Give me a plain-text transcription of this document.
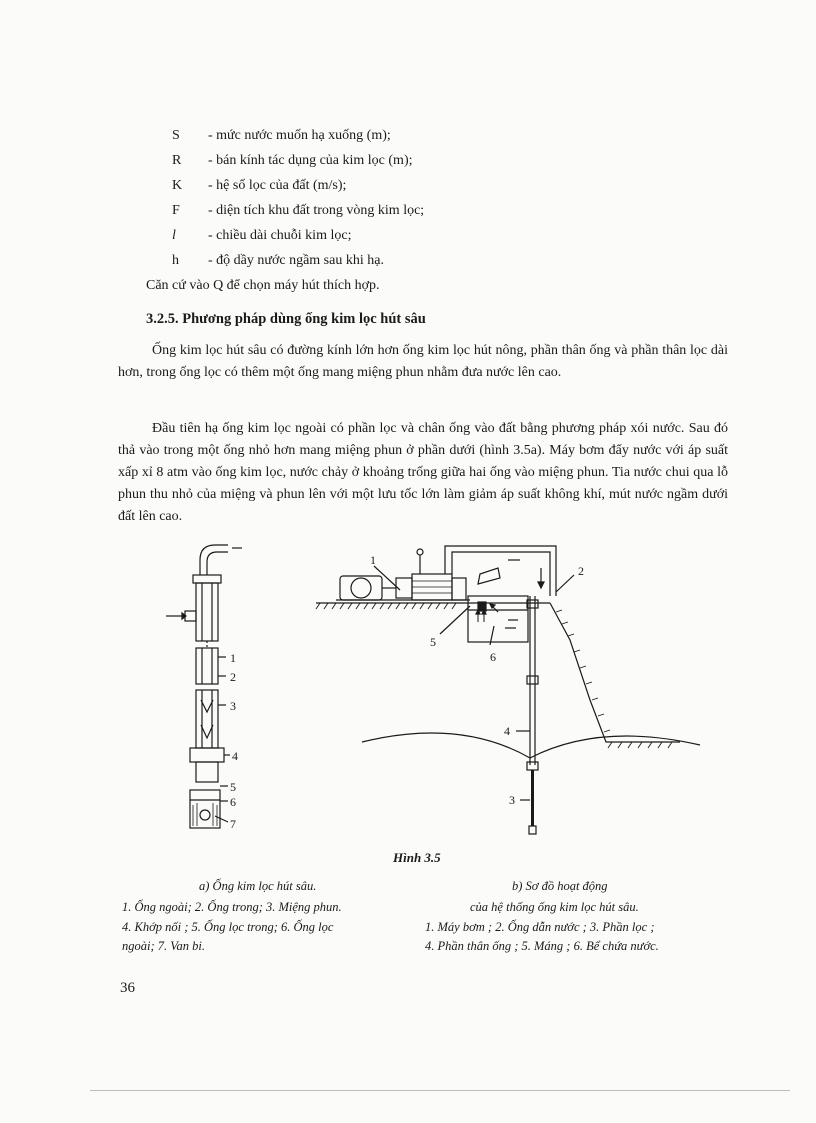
S - mức nước muốn hạ xuống (m);
R - bán kính tác dụng của kim lọc (m);
K - hệ số lọc của đất (m/s);
F - diện tích khu đất trong vòng kim lọc;
l - chiều dài chuỗi kim lọc;
h - độ dầy nước ngầm sau khi hạ.
Căn cứ vào Q để chọn máy hút thích hợp.
3.2.5. Phương pháp dùng ống kim lọc hút sâu
Ống kim lọc hút sâu có đường kính lớn hơn ống kim lọc hút nông, phần thân ống và phần thân lọc dài hơn, trong ống lọc có thêm một ống mang miệng phun nhằm đưa nước lên cao.
Đầu tiên hạ ống kim lọc ngoài có phần lọc và chân ống vào đất bằng phương pháp xói nước. Sau đó thả vào trong một ống nhỏ hơn mang miệng phun ở phần dưới (hình 3.5a). Máy bơm đẩy nước với áp suất xấp xỉ 8 atm vào ống kim lọc, nước chảy ở khoảng trống giữa hai ống vào miệng phun. Tia nước chui qua lỗ phun thu nhỏ của miệng và phun lên với một lưu tốc lớn làm giảm áp suất không khí, mút nước ngầm dưới đất lên cao.
1
2
3
4
5
6
7
1
2
3
4
5
6
Hình 3.5
a) Ống kim lọc hút sâu.
1. Ống ngoài; 2. Ống trong; 3. Miệng phun.
4. Khớp nối ; 5. Ống lọc trong; 6. Ống lọc
ngoài; 7. Van bi.
b) Sơ đồ hoạt động
của hệ thống ống kim lọc hút sâu.
1. Máy bơm ; 2. Ống dẫn nước ; 3. Phần lọc ;
4. Phần thân ống ; 5. Máng ; 6. Bể chứa nước.
36
